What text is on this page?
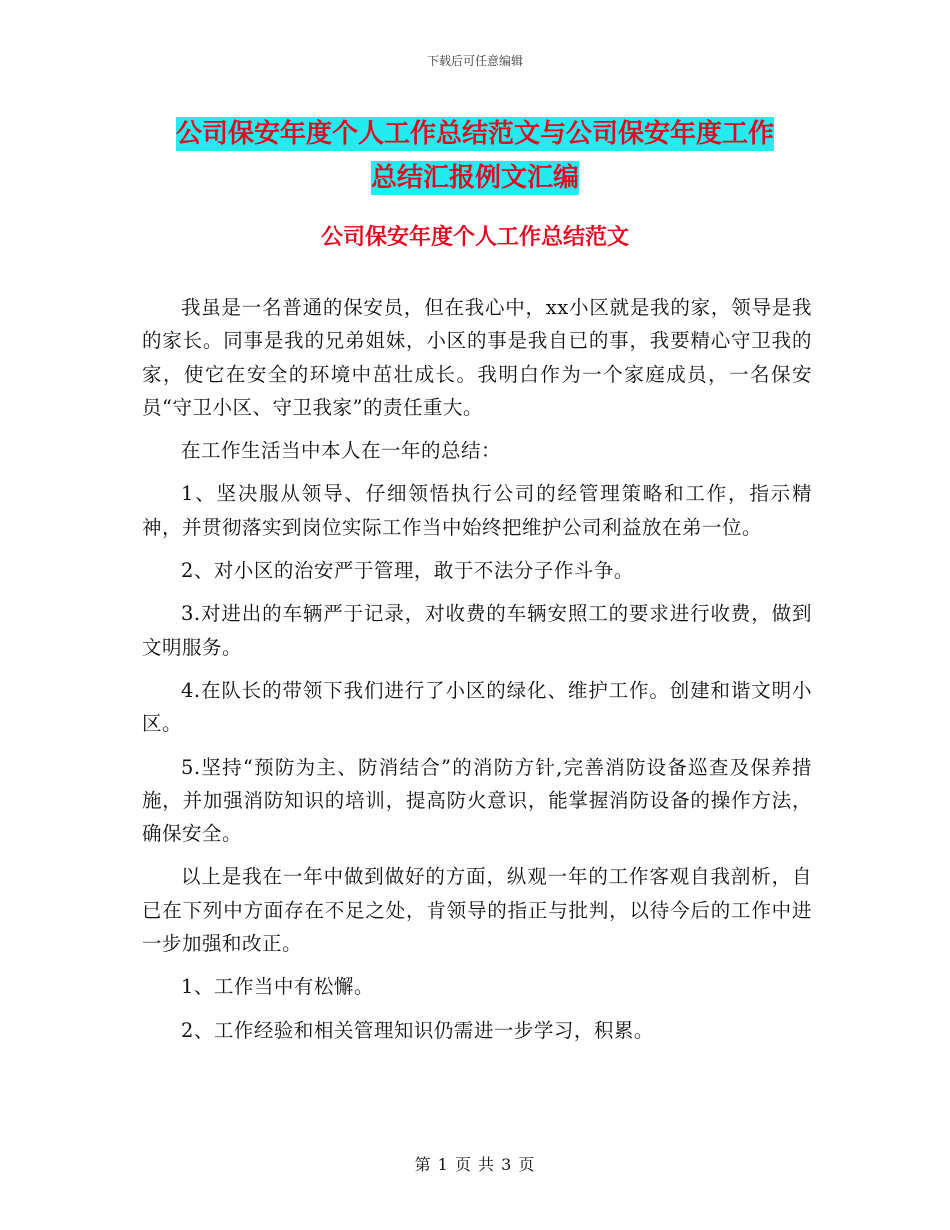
下载后可任意编辑
公司保安年度个人工作总结范文与公司保安年度工作
总结汇报例文汇编
公司保安年度个人工作总结范文

我虽是一名普通的保安员，但在我心中，xx小区就是我的家，领导是我的家长。同事是我的兄弟姐妹，小区的事是我自已的事，我要精心守卫我的家，使它在安全的环境中茁壮成长。我明白作为一个家庭成员，一名保安员“守卫小区、守卫我家”的责任重大。

在工作生活当中本人在一年的总结：

1、坚决服从领导、仔细领悟执行公司的经管理策略和工作，指示精神，并贯彻落实到岗位实际工作当中始终把维护公司利益放在弟一位。

2、对小区的治安严于管理，敢于不法分子作斗争。

3.对进出的车辆严于记录，对收费的车辆安照工的要求进行收费，做到文明服务。

4.在队长的带领下我们进行了小区的绿化、维护工作。创建和谐文明小区。

5.坚持“预防为主、防消结合”的消防方针,完善消防设备巡查及保养措施，并加强消防知识的培训，提高防火意识，能掌握消防设备的操作方法，确保安全。

以上是我在一年中做到做好的方面，纵观一年的工作客观自我剖析，自已在下列中方面存在不足之处，肯领导的指正与批判，以待今后的工作中进一步加强和改正。

1、工作当中有松懈。

2、工作经验和相关管理知识仍需进一步学习，积累。

第 1 页 共 3 页
